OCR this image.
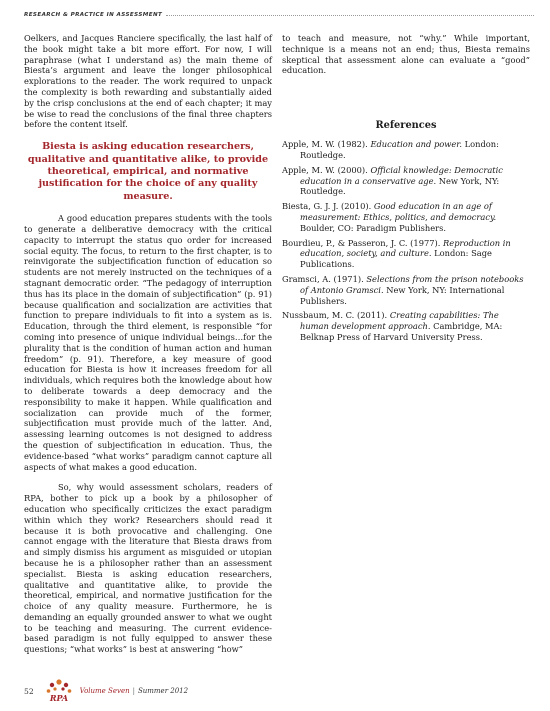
RESEARCH & PRACTICE IN ASSESSMENT

Oelkers, and Jacques Ranciere specifically, the last half of the book might take a bit more effort. For now, I will paraphrase (what I understand as) the main theme of Biesta’s argument and leave the longer philosophical explorations to the reader. The work required to unpack the complexity is both rewarding and substantially aided by the crisp conclusions at the end of each chapter; it may be wise to read the conclusions of the final three chapters before the content itself.

Biesta is asking education researchers, qualitative and quantitative alike, to provide theoretical, empirical, and normative justification for the choice of any quality measure.

A good education prepares students with the tools to generate a deliberative democracy with the critical capacity to interrupt the status quo order for increased social equity. The focus, to return to the first chapter, is to reinvigorate the subjectification function of education so students are not merely instructed on the techniques of a stagnant democratic order. “The pedagogy of interruption thus has its place in the domain of subjectification” (p. 91) because qualification and socialization are activities that function to prepare individuals to fit into a system as is. Education, through the third element, is responsible “for coming into presence of unique individual beings…for the plurality that is the condition of human action and human freedom” (p. 91). Therefore, a key measure of good education for Biesta is how it increases freedom for all individuals, which requires both the knowledge about how to deliberate towards a deep democracy and the responsibility to make it happen. While qualification and socialization can provide much of the former, subjectification must provide much of the latter. And, assessing learning outcomes is not designed to address the question of subjectification in education. Thus, the evidence-based “what works” paradigm cannot capture all aspects of what makes a good education.

So, why would assessment scholars, readers of RPA, bother to pick up a book by a philosopher of education who specifically criticizes the exact paradigm within which they work? Researchers should read it because it is both provocative and challenging. One cannot engage with the literature that Biesta draws from and simply dismiss his argument as misguided or utopian because he is a philosopher rather than an assessment specialist. Biesta is asking education researchers, qualitative and quantitative alike, to provide the theoretical, empirical, and normative justification for the choice of any quality measure. Furthermore, he is demanding an equally grounded answer to what we ought to be teaching and measuring. The current evidence-based paradigm is not fully equipped to answer these questions; “what works” is best at answering “how”

to teach and measure, not “why.” While important, technique is a means not an end; thus, Biesta remains skeptical that assessment alone can evaluate a “good” education.

References
Apple, M. W. (1982). Education and power. London: Routledge.
Apple, M. W. (2000). Official knowledge: Democratic education in a conservative age. New York, NY: Routledge.
Biesta, G. J. J. (2010). Good education in an age of measurement: Ethics, politics, and democracy. Boulder, CO: Paradigm Publishers.
Bourdieu, P., & Passeron, J. C. (1977). Reproduction in education, society, and culture. London: Sage Publications.
Gramsci, A. (1971). Selections from the prison notebooks of Antonio Gramsci. New York, NY: International Publishers.
Nussbaum, M. C. (2011). Creating capabilities: The human development approach. Cambridge, MA: Belknap Press of Harvard University Press.
52
RPA
Volume Seven | Summer 2012
